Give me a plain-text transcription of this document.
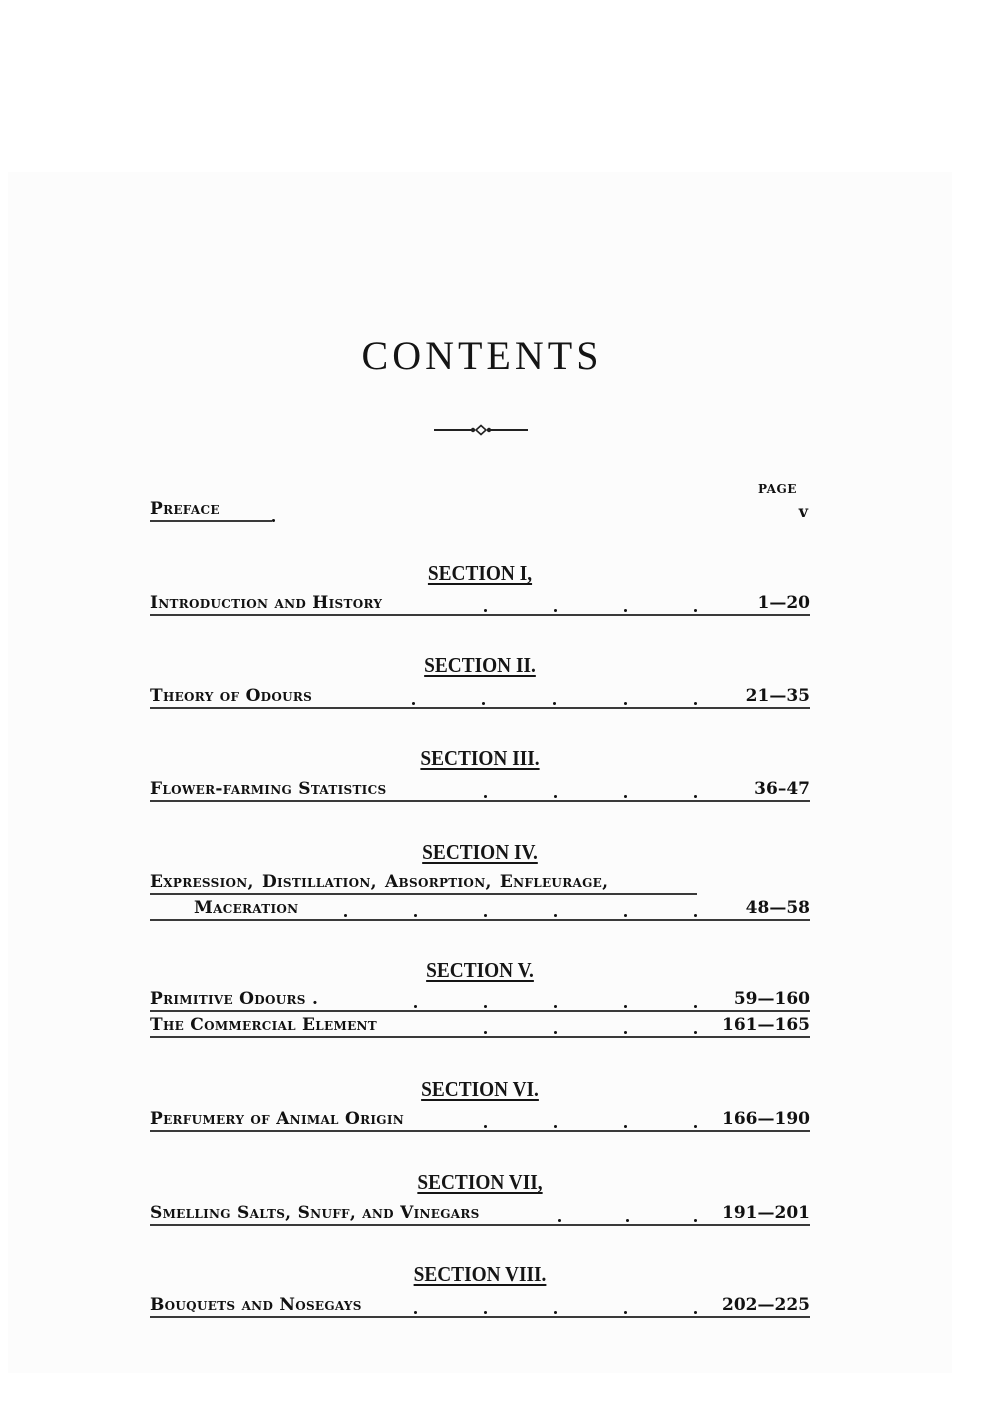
CONTENTS
PAGE
Preface	v
SECTION I,
Introduction and History	1—20
SECTION II.
Theory of Odours	21—35
SECTION III.
Flower-farming Statistics	36–47
SECTION IV.
Expression, Distillation, Absorption, Enfleurage,
Maceration	48—58
SECTION V.
Primitive Odours .	59—160
The Commercial Element	161—165
SECTION VI.
Perfumery of Animal Origin	166—190
SECTION VII,
Smelling Salts, Snuff, and Vinegars	191—201
SECTION VIII.
Bouquets and Nosegays	202—225
